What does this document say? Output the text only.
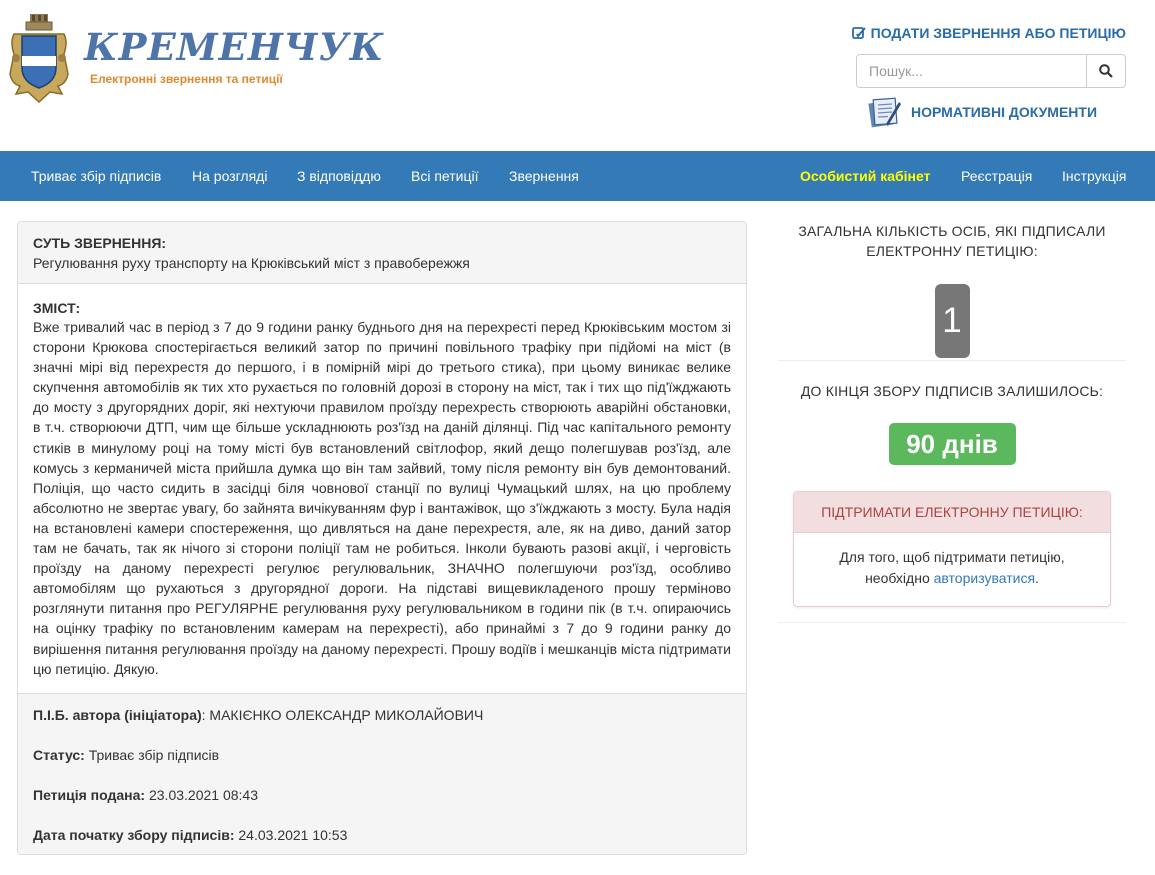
КРЕМЕНЧУК
Електронні звернення та петиції
ПОДАТИ ЗВЕРНЕННЯ АБО ПЕТИЦІЮ
Пошук...
НОРМАТИВНІ ДОКУМЕНТИ
Триває збір підписів На розгляді З відповіддю Всі петиції Звернення	Особистий кабінет Реєстрація Інструкція
СУТЬ ЗВЕРНЕННЯ:
Регулювання руху транспорту на Крюківський міст з правобережжя
ЗМІСТ:
Вже тривалий час в період з 7 до 9 години ранку буднього дня на перехресті перед Крюківським мостом зі сторони Крюкова спостерігається великий затор по причині повільного трафіку при підйомі на міст (в значні мірі від перехрестя до першого, і в помірній мірі до третього стика), при цьому виникає велике скупчення автомобілів як тих хто рухається по головній дорозі в сторону на міст, так і тих що під'їжджають до мосту з другорядних доріг, які нехтуючи правилом проїзду перехресть створюють аварійні обстановки, в т.ч. створюючи ДТП, чим ще більше ускладнюють роз'їзд на даній ділянці. Під час капітального ремонту стиків в минулому році на тому місті був встановлений світлофор, який дещо полегшував роз'їзд, але комусь з керманичей міста прийшла думка що він там зайвий, тому після ремонту він був демонтований. Поліція, що часто сидить в засідці біля човнової станції по вулиці Чумацький шлях, на цю проблему абсолютно не звертає увагу, бо зайнята вичікуванням фур і вантажівок, що з'їжджають з мосту. Була надія на встановлені камери спостереження, що дивляться на дане перехрестя, але, як на диво, даний затор там не бачать, так як нічого зі сторони поліції там не робиться. Інколи бувають разові акції, і черговість проїзду на даному перехресті регулює регулювальник, ЗНАЧНО полегшуючи роз'їзд, особливо автомобілям що рухаються з другорядної дороги. На підставі вищевикладеного прошу терміново розглянути питання про РЕГУЛЯРНЕ регулювання руху регулювальником в години пік (в т.ч. опираючись на оцінку трафіку по встановленим камерам на перехресті), або принаймі з 7 до 9 години ранку до вирішення питання регулювання проїзду на даному перехресті. Прошу водіїв і мешканців міста підтримати цю петицію. Дякую.
П.І.Б. автора (ініціатора): МАКІЄНКО ОЛЕКСАНДР МИКОЛАЙОВИЧ
Статус: Триває збір підписів
Петиція подана: 23.03.2021 08:43
Дата початку збору підписів: 24.03.2021 10:53
ЗАГАЛЬНА КІЛЬКІСТЬ ОСІБ, ЯКІ ПІДПИСАЛИ
ЕЛЕКТРОННУ ПЕТИЦІЮ:
1
ДО КІНЦЯ ЗБОРУ ПІДПИСІВ ЗАЛИШИЛОСЬ:
90 днів
ПІДТРИМАТИ ЕЛЕКТРОННУ ПЕТИЦІЮ:
Для того, щоб підтримати петицію,
необхідно авторизуватися.
